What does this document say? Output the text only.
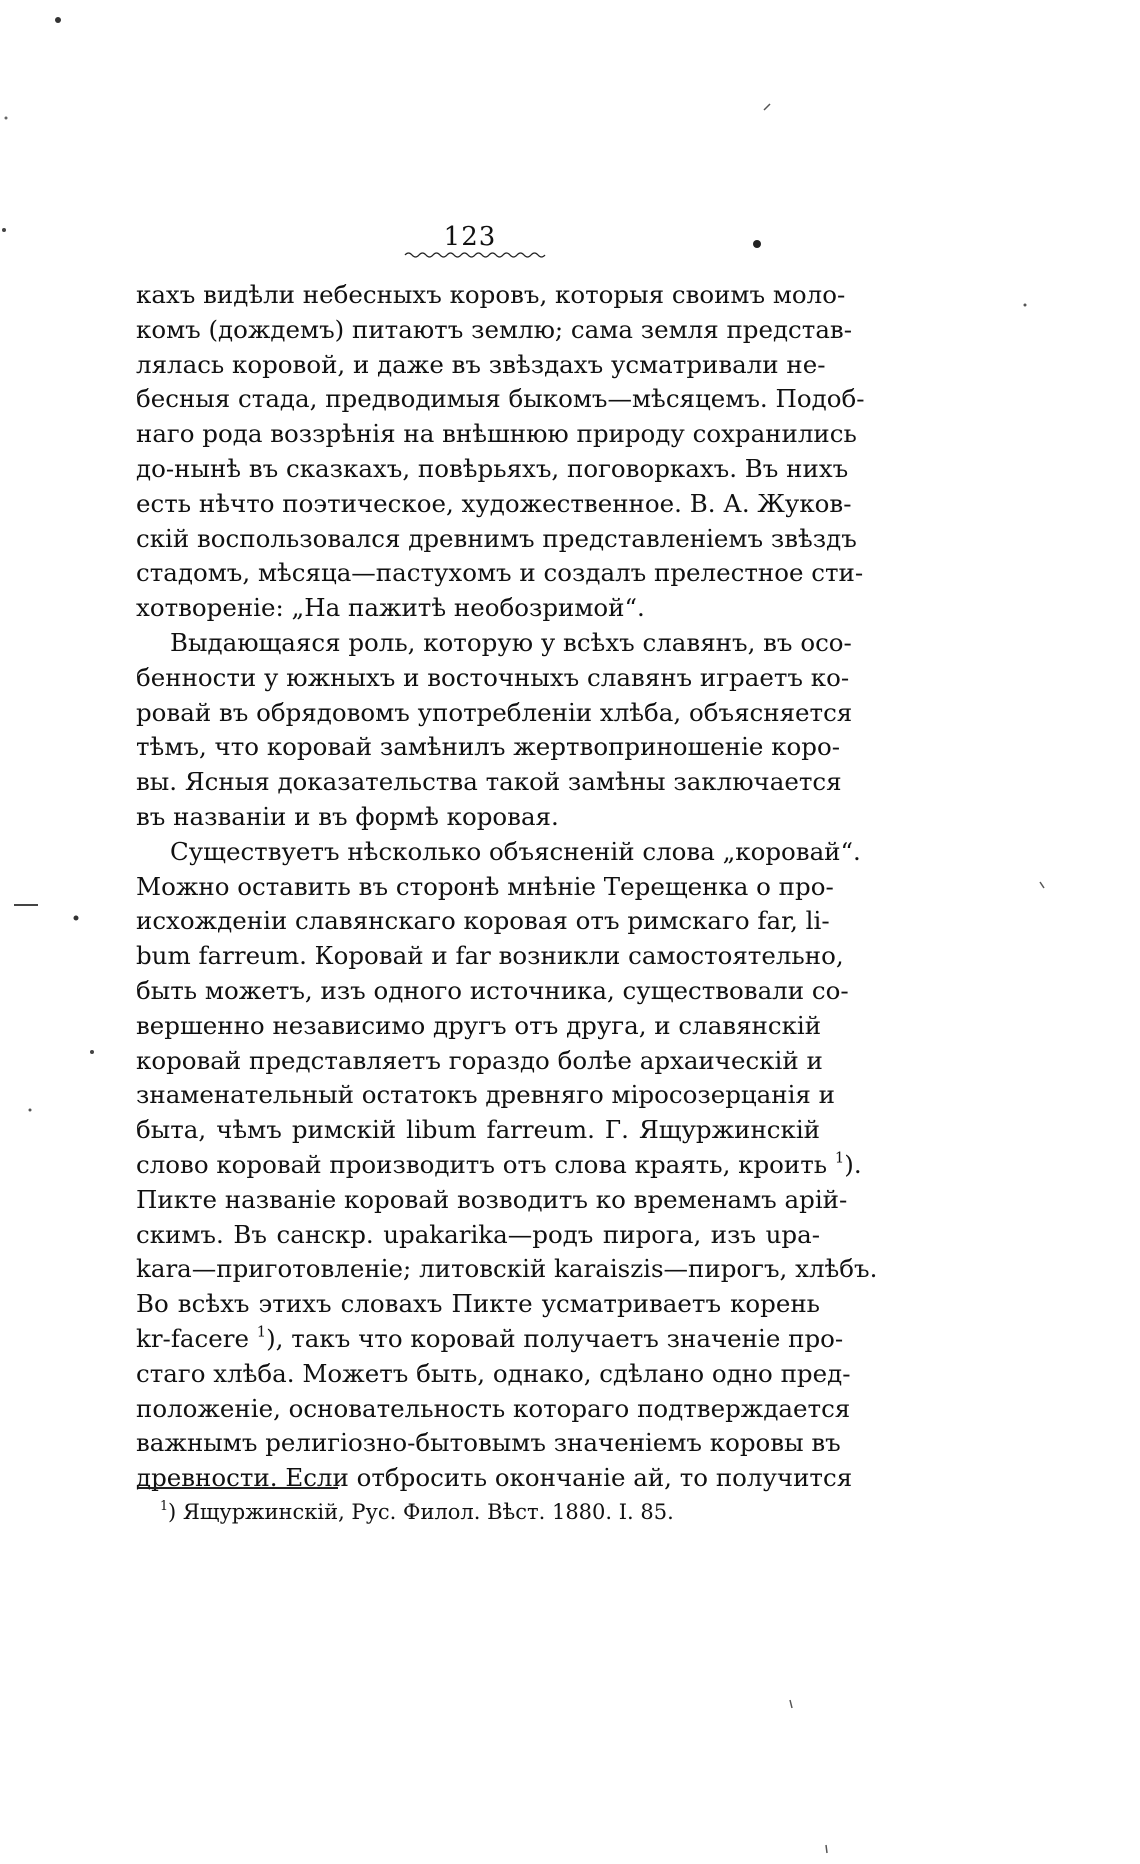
123
кахъ видѣли небесныхъ коровъ, которыя своимъ моло-
комъ (дождемъ) питаютъ землю; сама земля представ-
лялась коровой, и даже въ звѣздахъ усматривали не-
бесныя стада, предводимыя быкомъ—мѣсяцемъ. Подоб-
наго рода воззрѣнія на внѣшнюю природу сохранились
до-нынѣ въ сказкахъ, повѣрьяхъ, поговоркахъ. Въ нихъ
есть нѣчто поэтическое, художественное. В. А. Жуков-
скій воспользовался древнимъ представленіемъ звѣздъ
стадомъ, мѣсяца—пастухомъ и создалъ прелестное сти-
хотвореніе: „На пажитѣ необозримой“.
Выдающаяся роль, которую у всѣхъ славянъ, въ осо-
бенности у южныхъ и восточныхъ славянъ играетъ ко-
ровай въ обрядовомъ употребленіи хлѣба, объясняется
тѣмъ, что коровай замѣнилъ жертвоприношеніе коро-
вы. Ясныя доказательства такой замѣны заключается
въ названіи и въ формѣ коровая.
Существуетъ нѣсколько объясненій слова „коровай“.
Можно оставить въ сторонѣ мнѣніе Терещенка о про-
исхожденіи славянскаго коровая отъ римскаго far, li-
bum farreum. Коровай и far возникли самостоятельно,
быть можетъ, изъ одного источника, существовали со-
вершенно независимо другъ отъ друга, и славянскій
коровай представляетъ гораздо болѣе архаическій и
знаменательный остатокъ древняго міросозерцанія и
быта, чѣмъ римскій libum farreum. Г. Ящуржинскій
слово коровай производитъ отъ слова краять, кроить $^1$).
Пикте названіе коровай возводитъ ко временамъ арій-
скимъ. Въ санскр. upakarika—родъ пирога, изъ upa-
kara—приготовленіе; литовскій karaiszis—пирогъ, хлѣбъ.
Во всѣхъ этихъ словахъ Пикте усматриваетъ корень
kr-facere $^1$), такъ что коровай получаетъ значеніе про-
стаго хлѣба. Можетъ быть, однако, сдѣлано одно пред-
положеніе, основательность котораго подтверждается
важнымъ религіозно-бытовымъ значеніемъ коровы въ
древности. Если отбросить окончаніе ай, то получится
$^1$) Ящуржинскій, Рус. Филол. Вѣст. 1880. I. 85.
